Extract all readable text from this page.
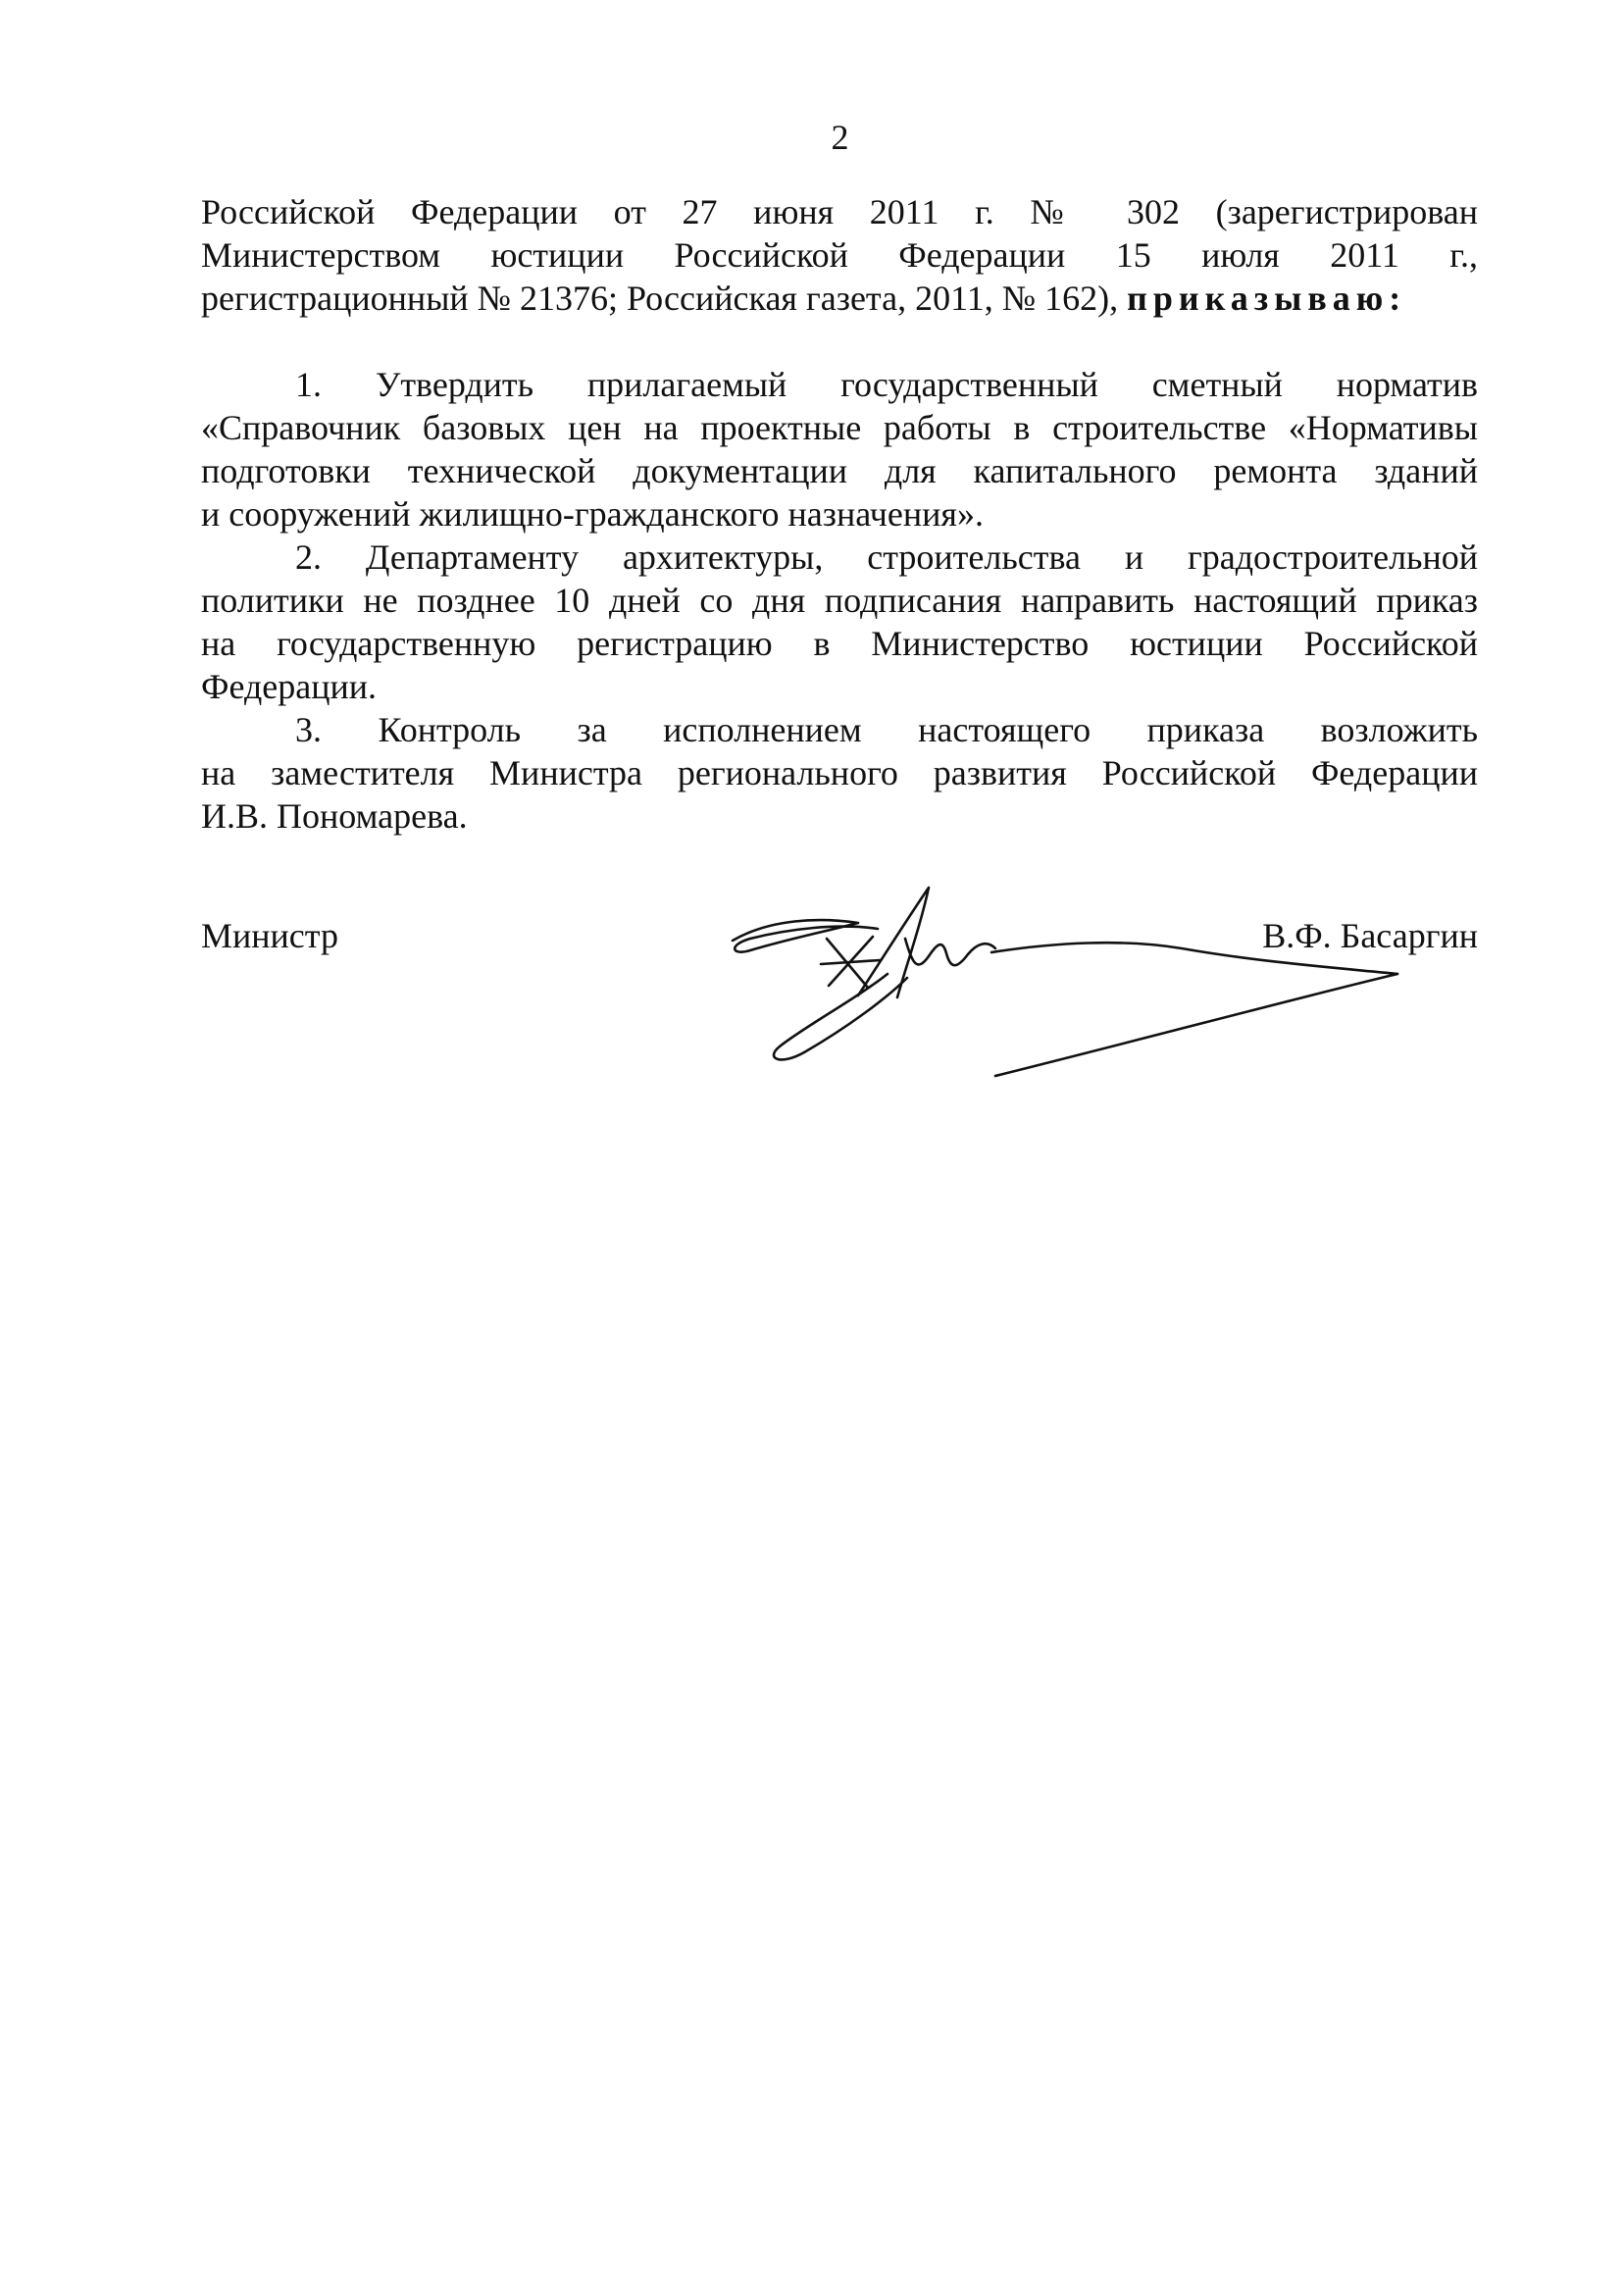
2
Российской Федерации от 27 июня 2011 г. № 302 (зарегистрирован
Министерством юстиции Российской Федерации 15 июля 2011 г.,
регистрационный № 21376; Российская газета, 2011, № 162), приказываю:
1. Утвердить прилагаемый государственный сметный норматив
«Справочник базовых цен на проектные работы в строительстве «Нормативы
подготовки технической документации для капитального ремонта зданий
и сооружений жилищно-гражданского назначения».
2. Департаменту архитектуры, строительства и градостроительной
политики не позднее 10 дней со дня подписания направить настоящий приказ
на государственную регистрацию в Министерство юстиции Российской
Федерации.
3. Контроль за исполнением настоящего приказа возложить
на заместителя Министра регионального развития Российской Федерации
И.В. Пономарева.
Министр	В.Ф. Басаргин
